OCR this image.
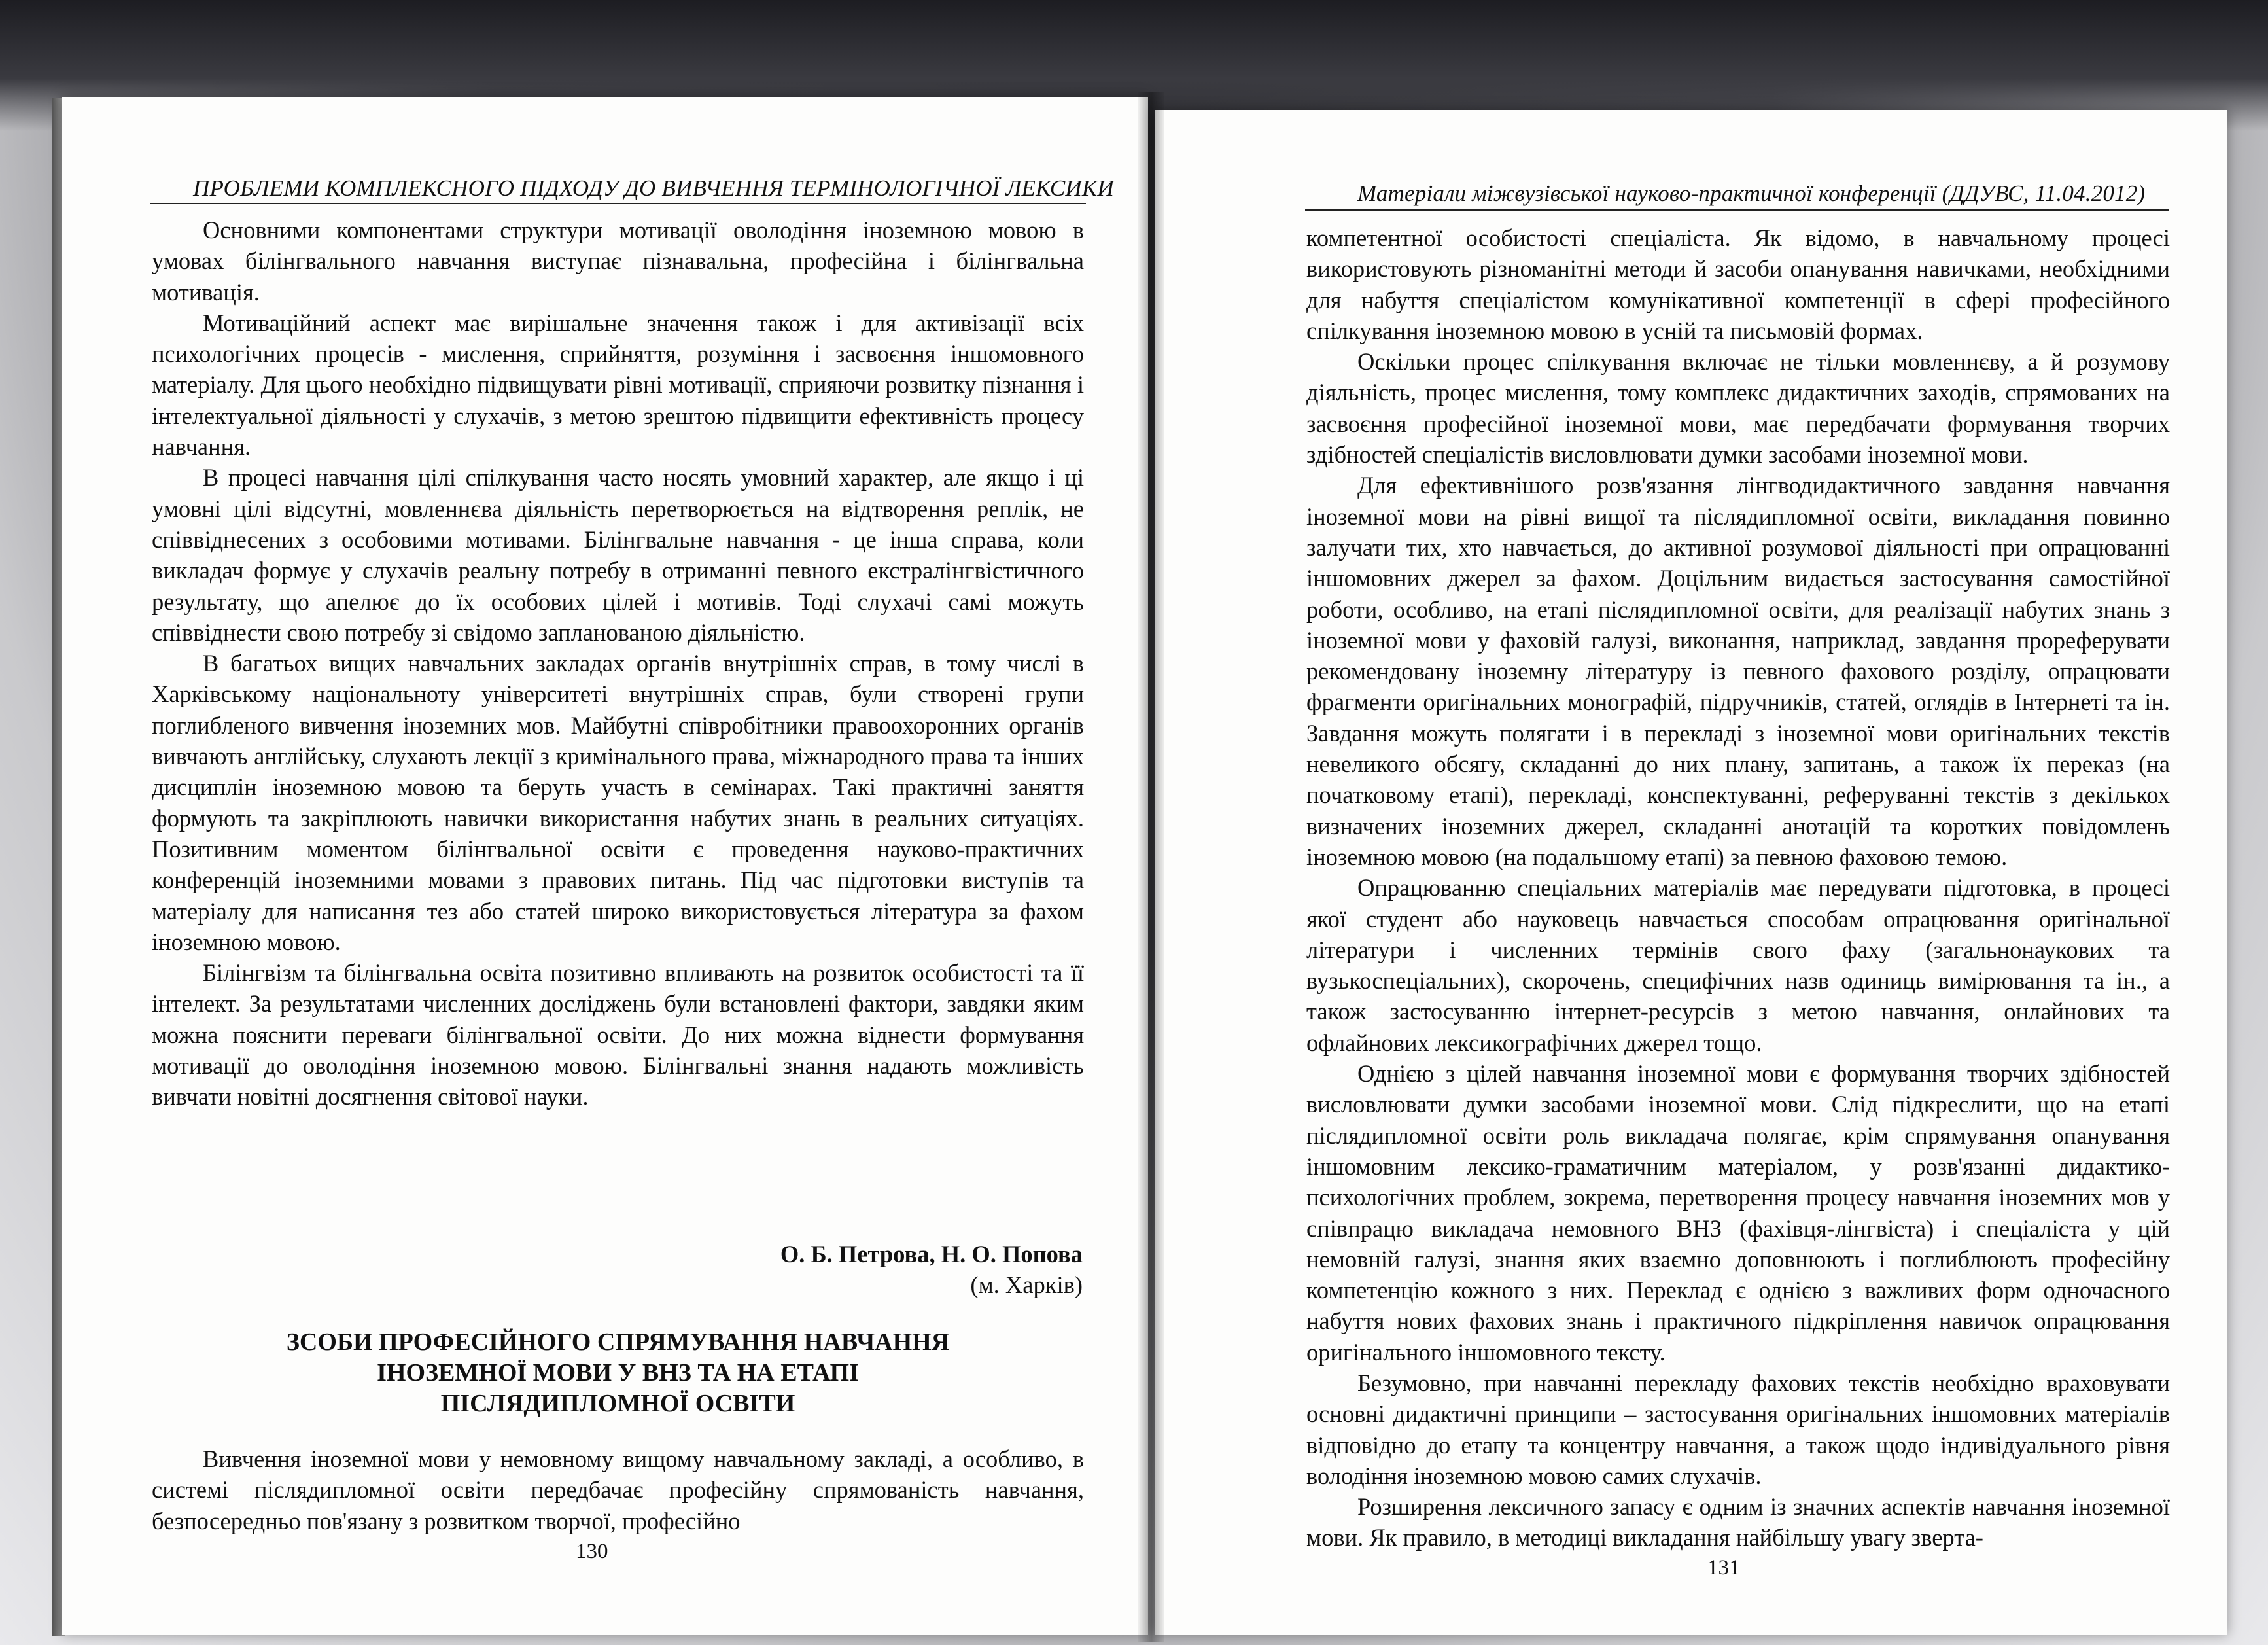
ПРОБЛЕМИ КОМПЛЕКСНОГО ПІДХОДУ ДО ВИВЧЕННЯ ТЕРМІНОЛОГІЧНОЇ ЛЕКСИКИ

Основними компонентами структури мотивації оволодіння іноземною мовою в умовах білінгвального навчання виступає пізнавальна, професійна і білінгвальна мотивація.

Мотиваційний аспект має вирішальне значення також і для активізації всіх психологічних процесів - мислення, сприйняття, розуміння і засвоєння іншомовного матеріалу. Для цього необхідно підвищувати рівні мотивації, сприяючи розвитку пізнання і інтелектуальної діяльності у слухачів, з метою зрештою підвищити ефективність процесу навчання.

В процесі навчання цілі спілкування часто носять умовний характер, але якщо і ці умовні цілі відсутні, мовленнєва діяльність перетворюється на відтворення реплік, не співвіднесених з особовими мотивами. Білінгвальне навчання - це інша справа, коли викладач формує у слухачів реальну потребу в отриманні певного екстралінгвістичного результату, що апелює до їх особових цілей і мотивів. Тоді слухачі самі можуть співвіднести свою потребу зі свідомо запланованою діяльністю.

В багатьох вищих навчальних закладах органів внутрішніх справ, в тому числі в Харківському національноту університеті внутрішніх справ, були створені групи поглибленого вивчення іноземних мов. Майбутні співробітники правоохоронних органів вивчають англійську, слухають лекції з кримінального права, міжнародного права та інших дисциплін іноземною мовою та беруть участь в семінарах. Такі практичні заняття формують та закріплюють навички використання набутих знань в реальних ситуаціях. Позитивним моментом білінгвальної освіти є проведення науково-практичних конференцій іноземними мовами з правових питань. Під час підготовки виступів та матеріалу для написання тез або статей широко використовується література за фахом іноземною мовою.

Білінгвізм та білінгвальна освіта позитивно впливають на розвиток особистості та її інтелект. За результатами численних досліджень були встановлені фактори, завдяки яким можна пояснити переваги білінгвальної освіти. До них можна віднести формування мотивації до оволодіння іноземною мовою. Білінгвальні знання надають можливість вивчати новітні досягнення світової науки.

О. Б. Петрова, Н. О. Попова
(м. Харків)
ЗСОБИ ПРОФЕСІЙНОГО СПРЯМУВАННЯ НАВЧАННЯ
ІНОЗЕМНОЇ МОВИ У ВНЗ ТА НА ЕТАПІ
ПІСЛЯДИПЛОМНОЇ ОСВІТИ

Вивчення іноземної мови у немовному вищому навчальному закладі, а особливо, в системі післядипломної освіти передбачає професійну спрямованість навчання, безпосередньо пов'язану з розвитком творчої, професійно

130
Матеріали міжвузівської науково-практичної конференції (ДДУВС, 11.04.2012)

компетентної особистості спеціаліста. Як відомо, в навчальному процесі використовують різноманітні методи й засоби опанування навичками, необхідними для набуття спеціалістом комунікативної компетенції в сфері професійного спілкування іноземною мовою в усній та письмовій формах.

Оскільки процес спілкування включає не тільки мовленнєву, а й розумову діяльність, процес мислення, тому комплекс дидактичних заходів, спрямованих на засвоєння професійної іноземної мови, має передбачати формування творчих здібностей спеціалістів висловлювати думки засобами іноземної мови.

Для ефективнішого розв'язання лінгводидактичного завдання навчання іноземної мови на рівні вищої та післядипломної освіти, викладання повинно залучати тих, хто навчається, до активної розумової діяльності при опрацюванні іншомовних джерел за фахом. Доцільним видається застосування самостійної роботи, особливо, на етапі післядипломної освіти, для реалізації набутих знань з іноземної мови у фаховій галузі, виконання, наприклад, завдання прореферувати рекомендовану іноземну літературу із певного фахового розділу, опрацювати фрагменти оригінальних монографій, підручників, статей, оглядів в Інтернеті та ін. Завдання можуть полягати і в перекладі з іноземної мови оригінальних текстів невеликого обсягу, складанні до них плану, запитань, а також їх переказ (на початковому етапі), перекладі, конспектуванні, реферуванні текстів з декількох визначених іноземних джерел, складанні анотацій та коротких повідомлень іноземною мовою (на подальшому етапі) за певною фаховою темою.

Опрацюванню спеціальних матеріалів має передувати підготовка, в процесі якої студент або науковець навчається способам опрацювання оригінальної літератури і численних термінів свого фаху (загальнонаукових та вузькоспеціальних), скорочень, специфічних назв одиниць вимірювання та ін., а також застосуванню інтернет-ресурсів з метою навчання, онлайнових та офлайнових лексикографічних джерел тощо.

Однією з цілей навчання іноземної мови є формування творчих здібностей висловлювати думки засобами іноземної мови. Слід підкреслити, що на етапі післядипломної освіти роль викладача полягає, крім спрямування опанування іншомовним лексико-граматичним матеріалом, у розв'язанні дидактико-психологічних проблем, зокрема, перетворення процесу навчання іноземних мов у співпрацю викладача немовного ВНЗ (фахівця-лінгвіста) і спеціаліста у цій немовній галузі, знання яких взаємно доповнюють і поглиблюють професійну компетенцію кожного з них. Переклад є однією з важливих форм одночасного набуття нових фахових знань і практичного підкріплення навичок опрацювання оригінального іншомовного тексту.

Безумовно, при навчанні перекладу фахових текстів необхідно враховувати основні дидактичні принципи – застосування оригінальних іншомовних матеріалів відповідно до етапу та концентру навчання, а також щодо індивідуального рівня володіння іноземною мовою самих слухачів.

Розширення лексичного запасу є одним із значних аспектів навчання іноземної мови. Як правило, в методиці викладання найбільшу увагу зверта-

131
